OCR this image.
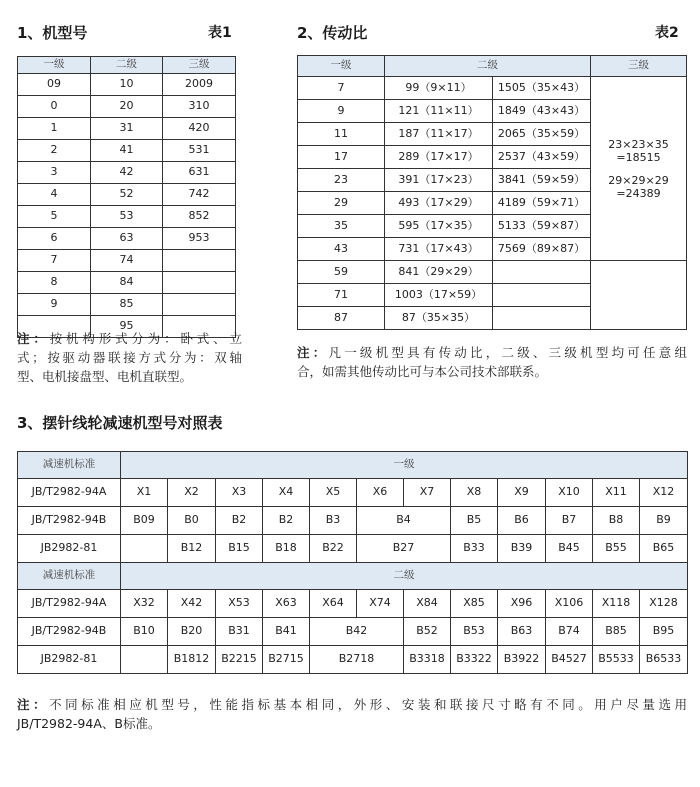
1、机型号	表1
一级	二级	三级
09	10	2009
0	20	310
1	31	420
2	41	531
3	42	631
4	52	742
5	53	852
6	63	953
7	74	
8	84	
9	85	
	95	
注：按机构形式分为：卧式、立
式；按驱动器联接方式分为：双轴
型、电机接盘型、电机直联型。
2、传动比	表2
一级	二级		三级
7	99（9×11）	1505（35×43）	23×23×35
=18515
29×29×29
=24389

9	121（11×11）	1849（43×43）	
11	187（11×17）	2065（35×59）	
17	289（17×17）	2537（43×59）	
23	391（17×23）	3841（59×59）	
29	493（17×29）	4189（59×71）	
35	595（17×35）	5133（59×87）	
43	731（17×43）	7569（89×87）	
59	841（29×29）		
71	1003（17×59）		
87	87（35×35）		
注：凡一级机型具有传动比，二级、三级机型均可任意组
合，如需其他传动比可与本公司技术部联系。
3、摆针线轮减速机型号对照表
减速机标准	一级											
JB/T2982-94A	X1	X2	X3	X4	X5	X6	X7	X8	X9	X10	X11	X12
JB/T2982-94B	B09	B0	B2	B2	B3	B4		B5	B6	B7	B8	B9
JB2982-81		B12	B15	B18	B22	B27		B33	B39	B45	B55	B65
减速机标准	二级											
JB/T2982-94A	X32	X42	X53	X63	X64	X74	X84	X85	X96	X106	X118	X128
JB/T2982-94B	B10	B20	B31	B41	B42		B52	B53	B63	B74	B85	B95
JB2982-81		B1812	B2215	B2715	B2718		B3318	B3322	B3922	B4527	B5533	B6533
注：不同标准相应机型号，性能指标基本相同，外形、安装和联接尺寸略有不同。用户尽量选用
JB/T2982-94A、B标准。
